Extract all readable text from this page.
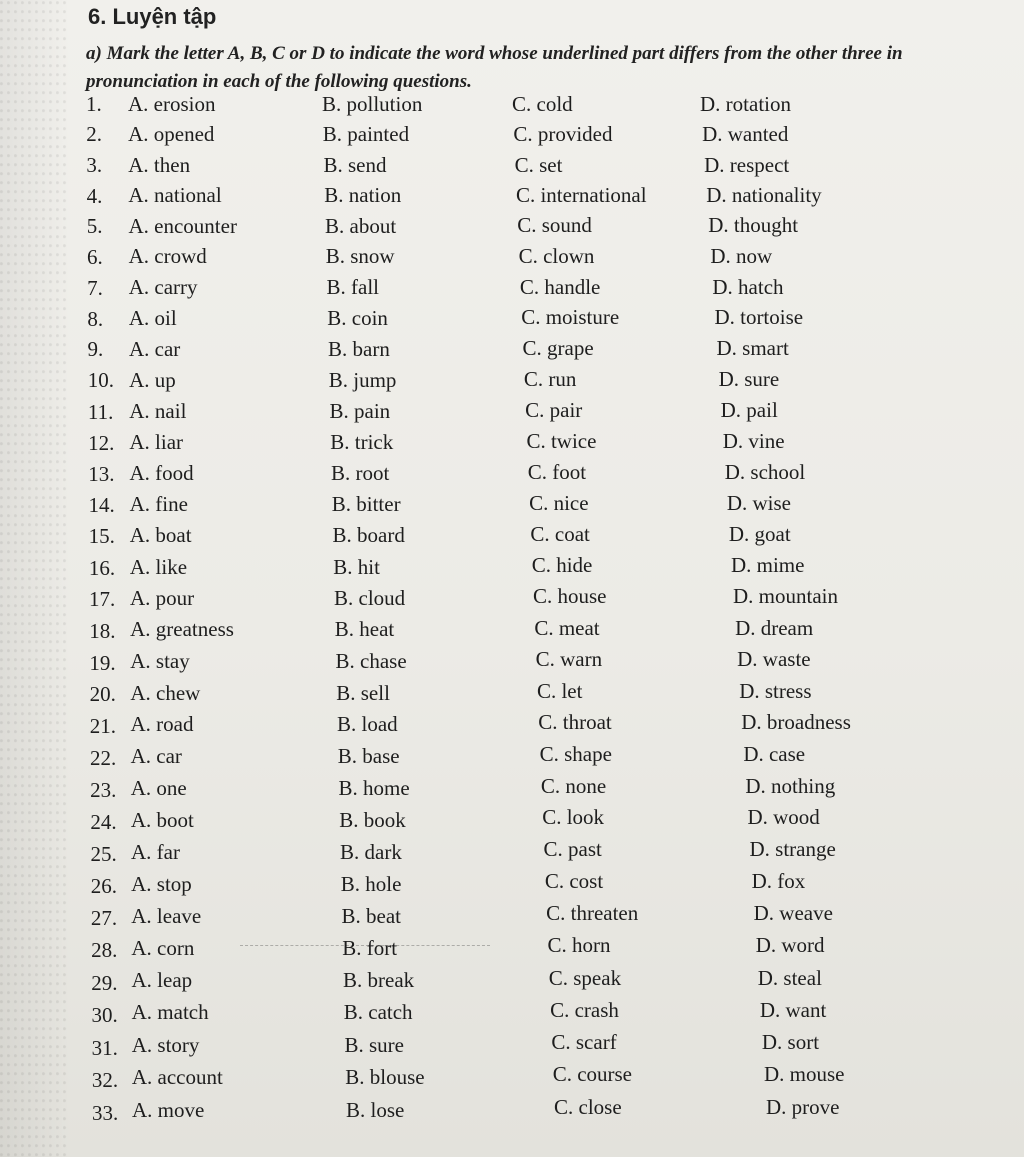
6. Luyện tập
a) Mark the letter A, B, C or D to indicate the word whose underlined part differs from the other three in pronunciation in each of the following questions.
1. A. erosion	B. pollution	C. cold	D. rotation
2. A. opened	B. painted	C. provided	D. wanted
3. A. then	B. send	C. set	D. respect
4. A. national	B. nation	C. international	D. nationality
5. A. encounter	B. about	C. sound	D. thought
6. A. crowd	B. snow	C. clown	D. now
7. A. carry	B. fall	C. handle	D. hatch
8. A. oil	B. coin	C. moisture	D. tortoise
9. A. car	B. barn	C. grape	D. smart
10. A. up	B. jump	C. run	D. sure
11. A. nail	B. pain	C. pair	D. pail
12. A. liar	B. trick	C. twice	D. vine
13. A. food	B. root	C. foot	D. school
14. A. fine	B. bitter	C. nice	D. wise
15. A. boat	B. board	C. coat	D. goat
16. A. like	B. hit	C. hide	D. mime
17. A. pour	B. cloud	C. house	D. mountain
18. A. greatness	B. heat	C. meat	D. dream
19. A. stay	B. chase	C. warn	D. waste
20. A. chew	B. sell	C. let	D. stress
21. A. road	B. load	C. throat	D. broadness
22. A. car	B. base	C. shape	D. case
23. A. one	B. home	C. none	D. nothing
24. A. boot	B. book	C. look	D. wood
25. A. far	B. dark	C. past	D. strange
26. A. stop	B. hole	C. cost	D. fox
27. A. leave	B. beat	C. threaten	D. weave
28. A. corn	B. fort	C. horn	D. word
29. A. leap	B. break	C. speak	D. steal
30. A. match	B. catch	C. crash	D. want
31. A. story	B. sure	C. scarf	D. sort
32. A. account	B. blouse	C. course	D. mouse
33. A. move	B. lose	C. close	D. prove
